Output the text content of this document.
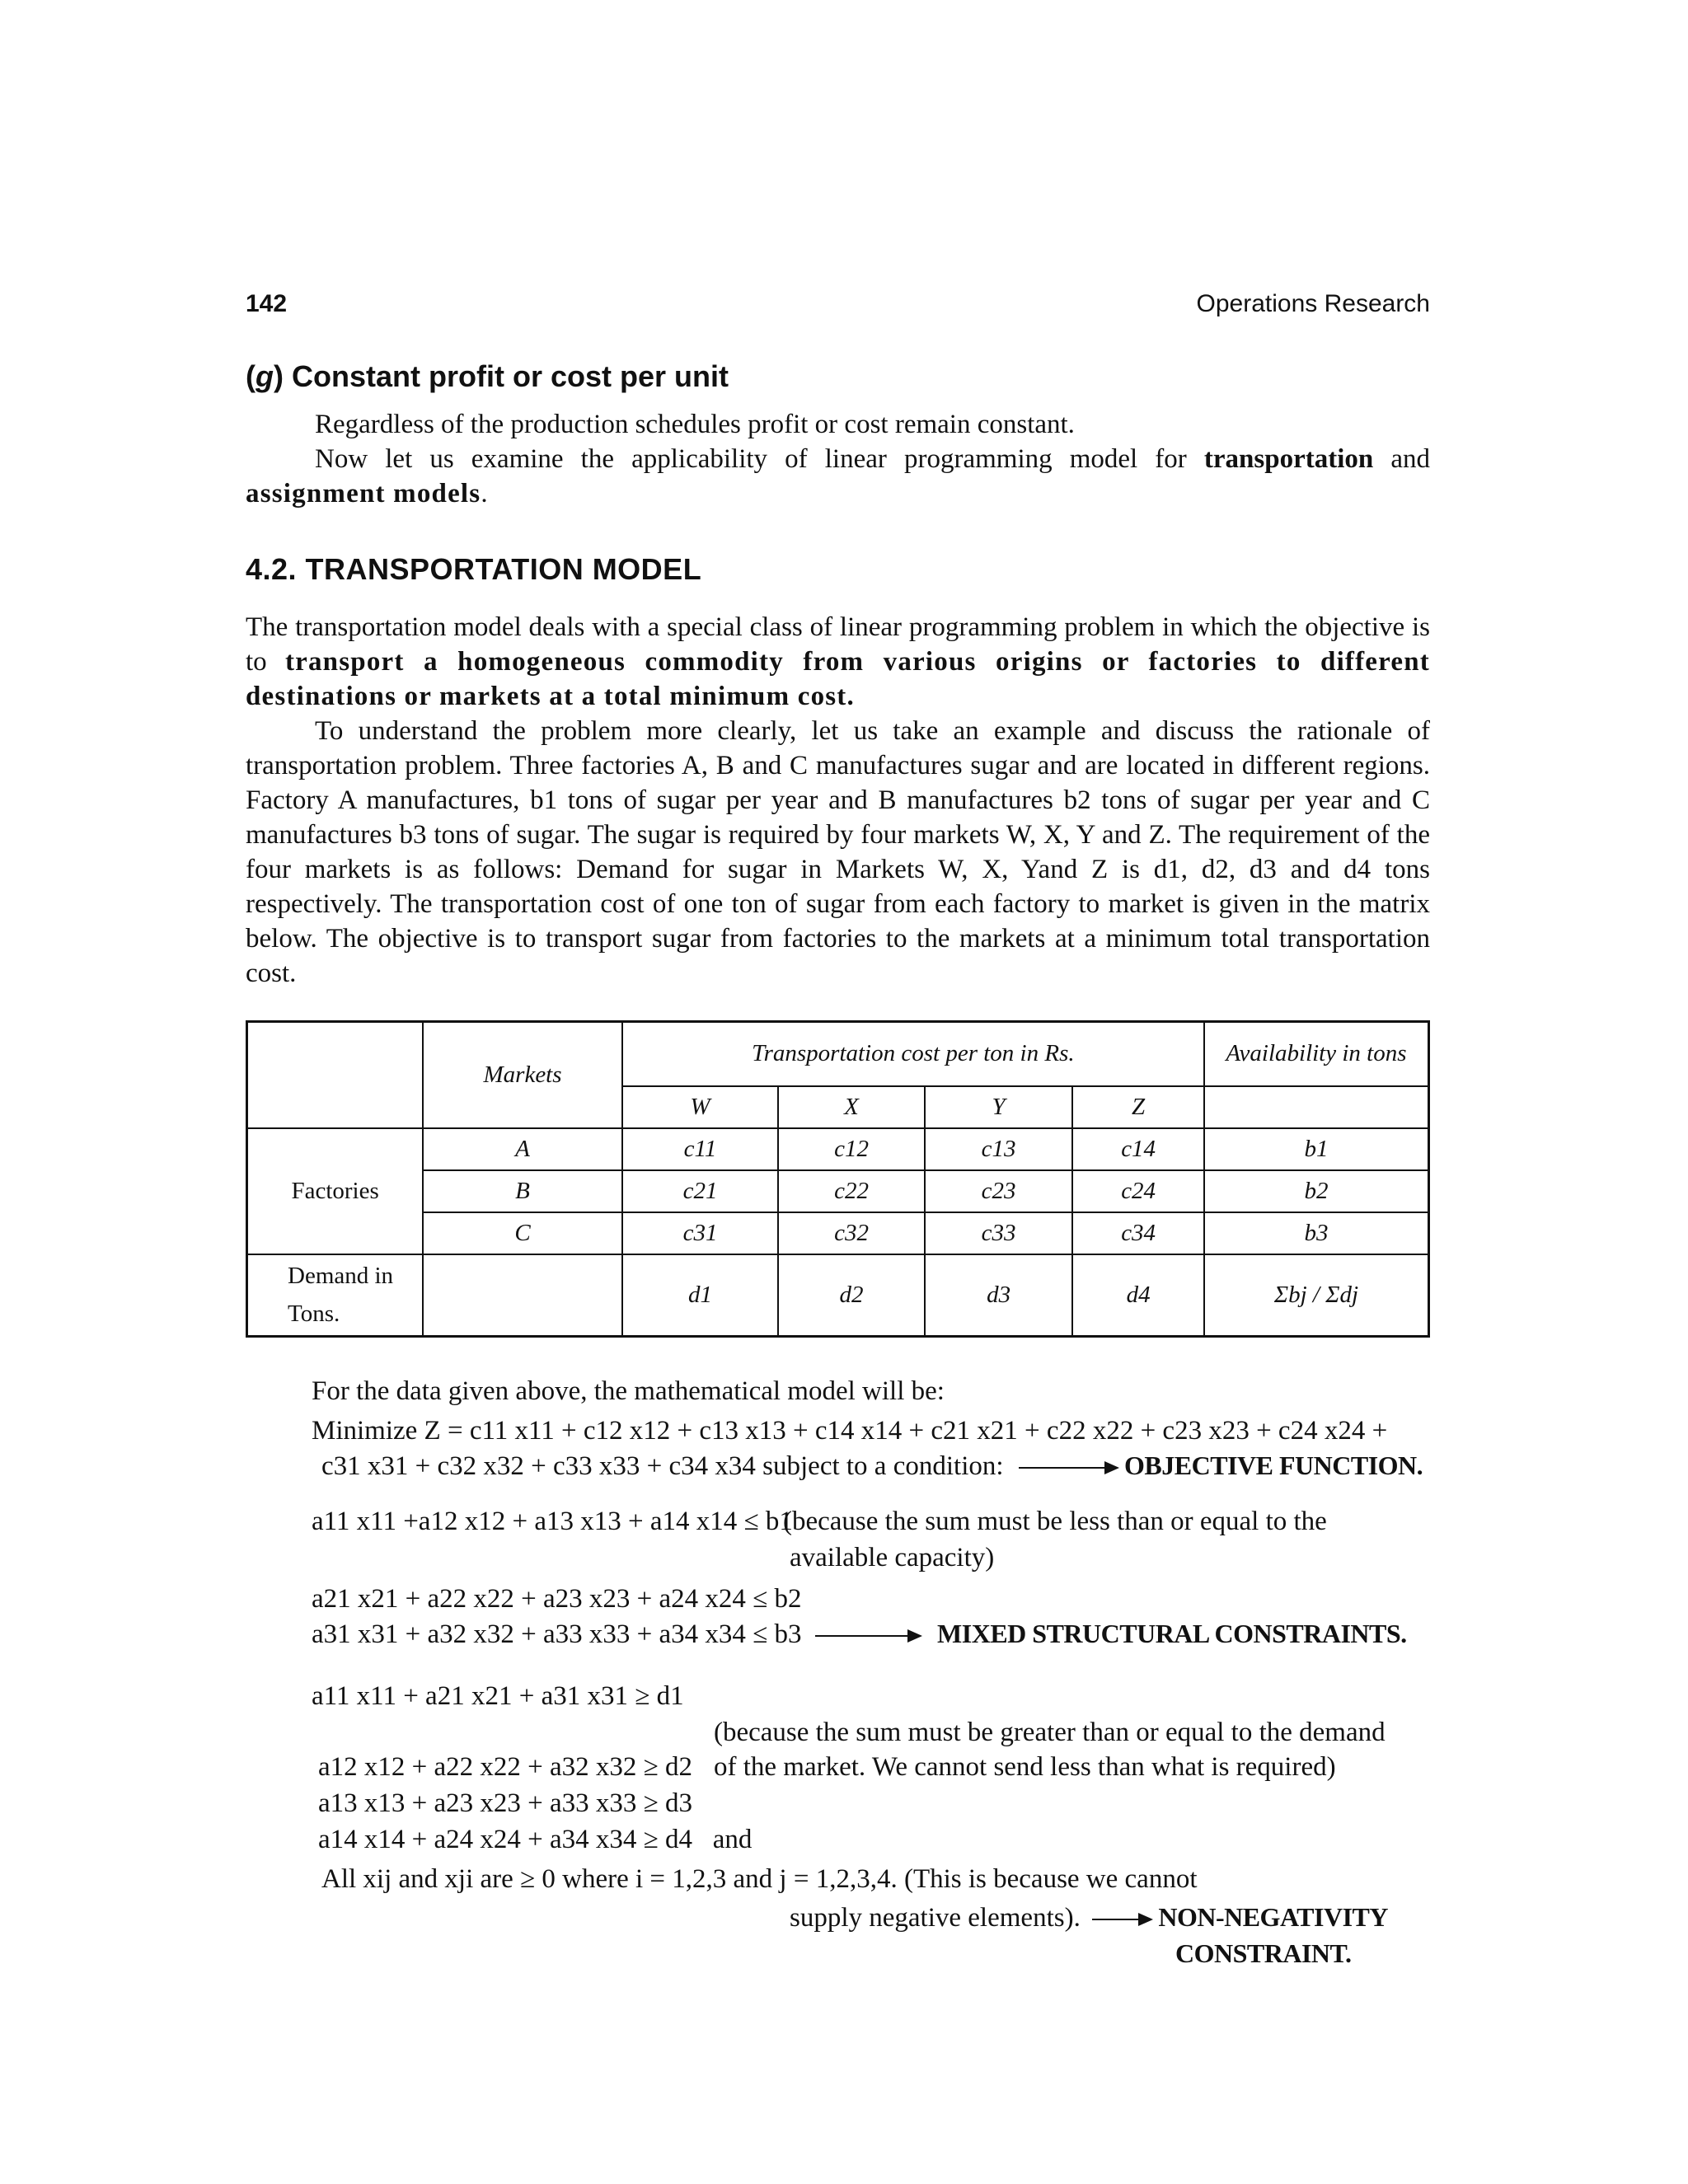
142	Operations Research
(g) Constant profit or cost per unit

Regardless of the production schedules profit or cost remain constant.

Now let us examine the applicability of linear programming model for transportation and assignment models.

4.2. TRANSPORTATION MODEL

The transportation model deals with a special class of linear programming problem in which the objective is to transport a homogeneous commodity from various origins or factories to different destinations or markets at a total minimum cost.

To understand the problem more clearly, let us take an example and discuss the rationale of transportation problem. Three factories A, B and C manufactures sugar and are located in different regions. Factory A manufactures, b1 tons of sugar per year and B manufactures b2 tons of sugar per year and C manufactures b3 tons of sugar. The sugar is required by four markets W, X, Y and Z. The requirement of the four markets is as follows: Demand for sugar in Markets W, X, Yand Z is d1, d2, d3 and d4 tons respectively. The transportation cost of one ton of sugar from each factory to market is given in the matrix below. The objective is to transport sugar from factories to the markets at a minimum total transportation cost.

	Markets	Transportation cost per ton in Rs.				Availability in tons
		W	X	Y	Z	
Factories	A	c11	c12	c13	c14	b1
	B	c21	c22	c23	c24	b2
	C	c31	c32	c33	c34	b3
Demand in
Tons.		d1	d2	d3	d4	Σbj / Σdj
For the data given above, the mathematical model will be:
Minimize Z = c11 x11 + c12 x12 + c13 x13 + c14 x14 + c21 x21 + c22 x22 + c23 x23 + c24 x24 +
c31 x31 + c32 x32 + c33 x33 + c34 x34 subject to a condition:	OBJECTIVE FUNCTION.
a11 x11 +a12 x12 + a13 x13 + a14 x14 ≤ b1
(because the sum must be less than or equal to the
available capacity)
a21 x21 + a22 x22 + a23 x23 + a24 x24 ≤ b2
a31 x31 + a32 x32 + a33 x33 + a34 x34 ≤ b3	MIXED STRUCTURAL CONSTRAINTS.
a11 x11 + a21 x21 + a31 x31 ≥ d1
(because the sum must be greater than or equal to the demand
of the market. We cannot send less than what is required)
a12 x12 + a22 x22 + a32 x32 ≥ d2
a13 x13 + a23 x23 + a33 x33 ≥ d3
a14 x14 + a24 x24 + a34 x34 ≥ d4 and
All xij and xji are ≥ 0 where i = 1,2,3 and j = 1,2,3,4. (This is because we cannot
supply negative elements).	NON-NEGATIVITY
CONSTRAINT.
